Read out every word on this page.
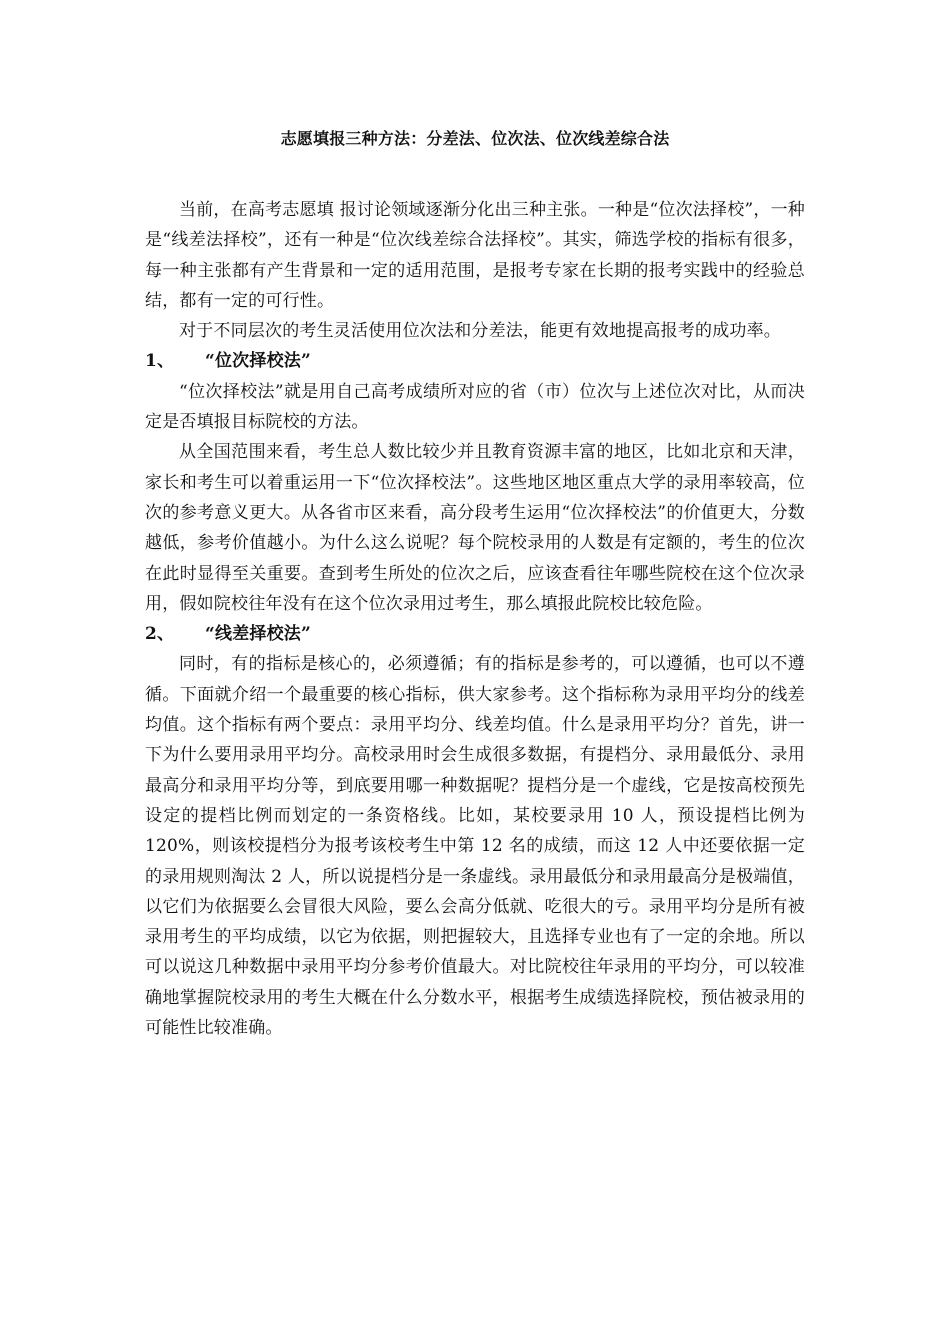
志愿填报三种方法：分差法、位次法、位次线差综合法

当前，在高考志愿填 报讨论领域逐渐分化出三种主张。一种是“位次法择校”，一种是“线差法择校”，还有一种是“位次线差综合法择校”。其实，筛选学校的指标有很多，每一种主张都有产生背景和一定的适用范围，是报考专家在长期的报考实践中的经验总结，都有一定的可行性。

对于不同层次的考生灵活使用位次法和分差法，能更有效地提高报考的成功率。

1、	“位次择校法”

“位次择校法”就是用自己高考成绩所对应的省（市）位次与上述位次对比，从而决定是否填报目标院校的方法。

从全国范围来看，考生总人数比较少并且教育资源丰富的地区，比如北京和天津，家长和考生可以着重运用一下“位次择校法”。这些地区地区重点大学的录用率较高，位次的参考意义更大。从各省市区来看，高分段考生运用“位次择校法”的价值更大，分数越低，参考价值越小。为什么这么说呢？每个院校录用的人数是有定额的，考生的位次在此时显得至关重要。查到考生所处的位次之后，应该查看往年哪些院校在这个位次录用，假如院校往年没有在这个位次录用过考生，那么填报此院校比较危险。

2、	“线差择校法”

同时，有的指标是核心的，必须遵循；有的指标是参考的，可以遵循，也可以不遵循。下面就介绍一个最重要的核心指标，供大家参考。这个指标称为录用平均分的线差均值。这个指标有两个要点：录用平均分、线差均值。什么是录用平均分？首先，讲一下为什么要用录用平均分。高校录用时会生成很多数据，有提档分、录用最低分、录用最高分和录用平均分等，到底要用哪一种数据呢？提档分是一个虚线，它是按高校预先设定的提档比例而划定的一条资格线。比如，某校要录用 10 人，预设提档比例为 120%，则该校提档分为报考该校考生中第 12 名的成绩，而这 12 人中还要依据一定的录用规则淘汰 2 人，所以说提档分是一条虚线。录用最低分和录用最高分是极端值，以它们为依据要么会冒很大风险，要么会高分低就、吃很大的亏。录用平均分是所有被录用考生的平均成绩，以它为依据，则把握较大，且选择专业也有了一定的余地。所以可以说这几种数据中录用平均分参考价值最大。对比院校往年录用的平均分，可以较准确地掌握院校录用的考生大概在什么分数水平，根据考生成绩选择院校，预估被录用的可能性比较准确。
